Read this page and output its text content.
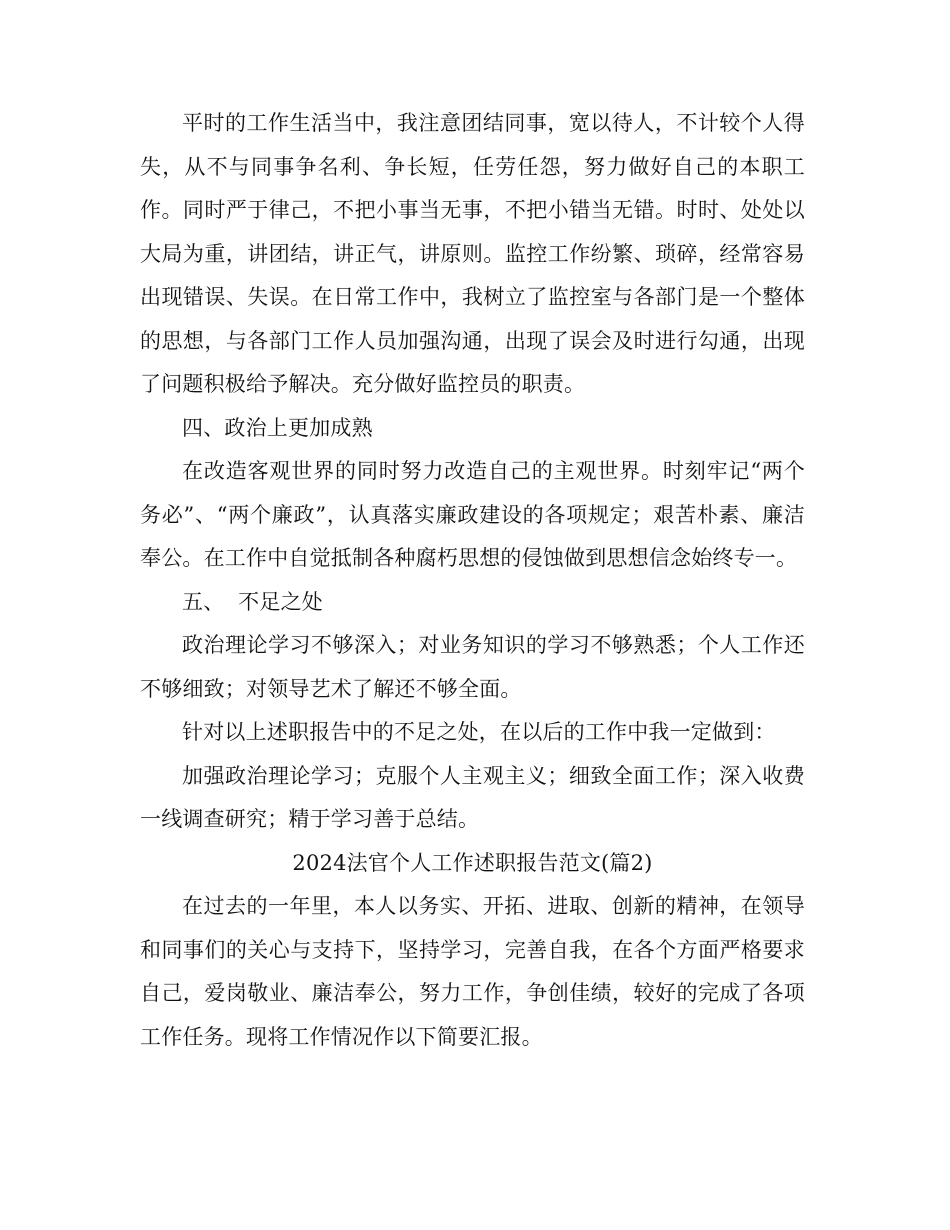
平时的工作生活当中，我注意团结同事，宽以待人，不计较个人得失，从不与同事争名利、争长短，任劳任怨，努力做好自己的本职工作。同时严于律己，不把小事当无事，不把小错当无错。时时、处处以大局为重，讲团结，讲正气，讲原则。监控工作纷繁、琐碎，经常容易出现错误、失误。在日常工作中，我树立了监控室与各部门是一个整体的思想，与各部门工作人员加强沟通，出现了误会及时进行勾通，出现了问题积极给予解决。充分做好监控员的职责。

四、政治上更加成熟

在改造客观世界的同时努力改造自己的主观世界。时刻牢记“两个务必”、“两个廉政”，认真落实廉政建设的各项规定；艰苦朴素、廉洁奉公。在工作中自觉抵制各种腐朽思想的侵蚀做到思想信念始终专一。

五、  不足之处

政治理论学习不够深入；对业务知识的学习不够熟悉；个人工作还不够细致；对领导艺术了解还不够全面。

针对以上述职报告中的不足之处，在以后的工作中我一定做到：

加强政治理论学习；克服个人主观主义；细致全面工作；深入收费一线调查研究；精于学习善于总结。

2024法官个人工作述职报告范文(篇2)

在过去的一年里，本人以务实、开拓、进取、创新的精神，在领导和同事们的关心与支持下，坚持学习，完善自我，在各个方面严格要求自己，爱岗敬业、廉洁奉公，努力工作，争创佳绩，较好的完成了各项工作任务。现将工作情况作以下简要汇报。
